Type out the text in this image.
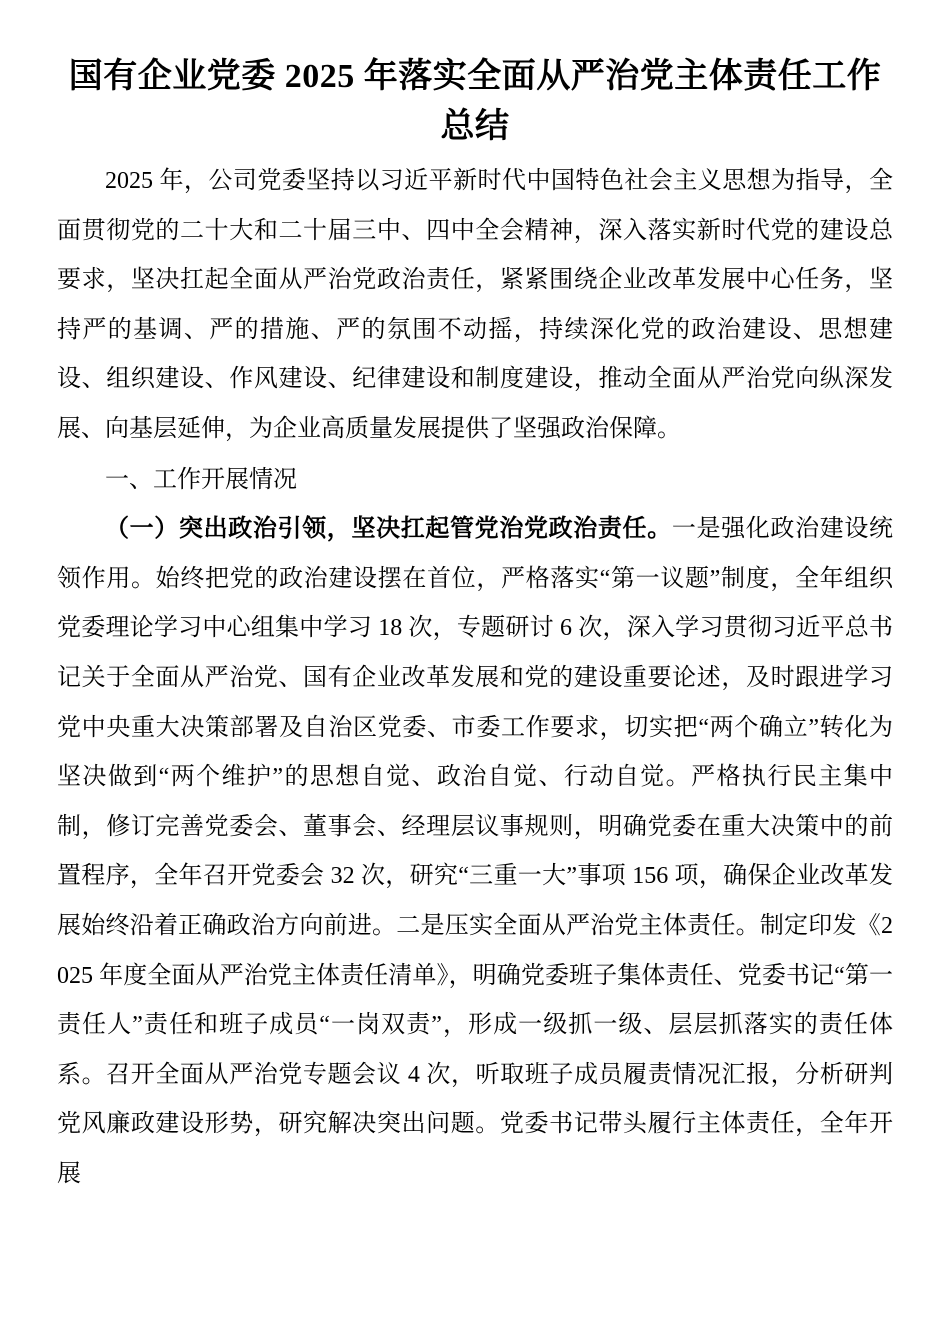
国有企业党委 2025 年落实全面从严治党主体责任工作总结

2025 年，公司党委坚持以习近平新时代中国特色社会主义思想为指导，全面贯彻党的二十大和二十届三中、四中全会精神，深入落实新时代党的建设总要求，坚决扛起全面从严治党政治责任，紧紧围绕企业改革发展中心任务，坚持严的基调、严的措施、严的氛围不动摇，持续深化党的政治建设、思想建设、组织建设、作风建设、纪律建设和制度建设，推动全面从严治党向纵深发展、向基层延伸，为企业高质量发展提供了坚强政治保障。

一、工作开展情况

（一）突出政治引领，坚决扛起管党治党政治责任。一是强化政治建设统领作用。始终把党的政治建设摆在首位，严格落实“第一议题”制度，全年组织党委理论学习中心组集中学习 18 次，专题研讨 6 次，深入学习贯彻习近平总书记关于全面从严治党、国有企业改革发展和党的建设重要论述，及时跟进学习党中央重大决策部署及自治区党委、市委工作要求，切实把“两个确立”转化为坚决做到“两个维护”的思想自觉、政治自觉、行动自觉。严格执行民主集中制，修订完善党委会、董事会、经理层议事规则，明确党委在重大决策中的前置程序，全年召开党委会 32 次，研究“三重一大”事项 156 项，确保企业改革发展始终沿着正确政治方向前进。二是压实全面从严治党主体责任。制定印发《2025 年度全面从严治党主体责任清单》，明确党委班子集体责任、党委书记“第一责任人”责任和班子成员“一岗双责”，形成一级抓一级、层层抓落实的责任体系。召开全面从严治党专题会议 4 次，听取班子成员履责情况汇报，分析研判党风廉政建设形势，研究解决突出问题。党委书记带头履行主体责任，全年开展
